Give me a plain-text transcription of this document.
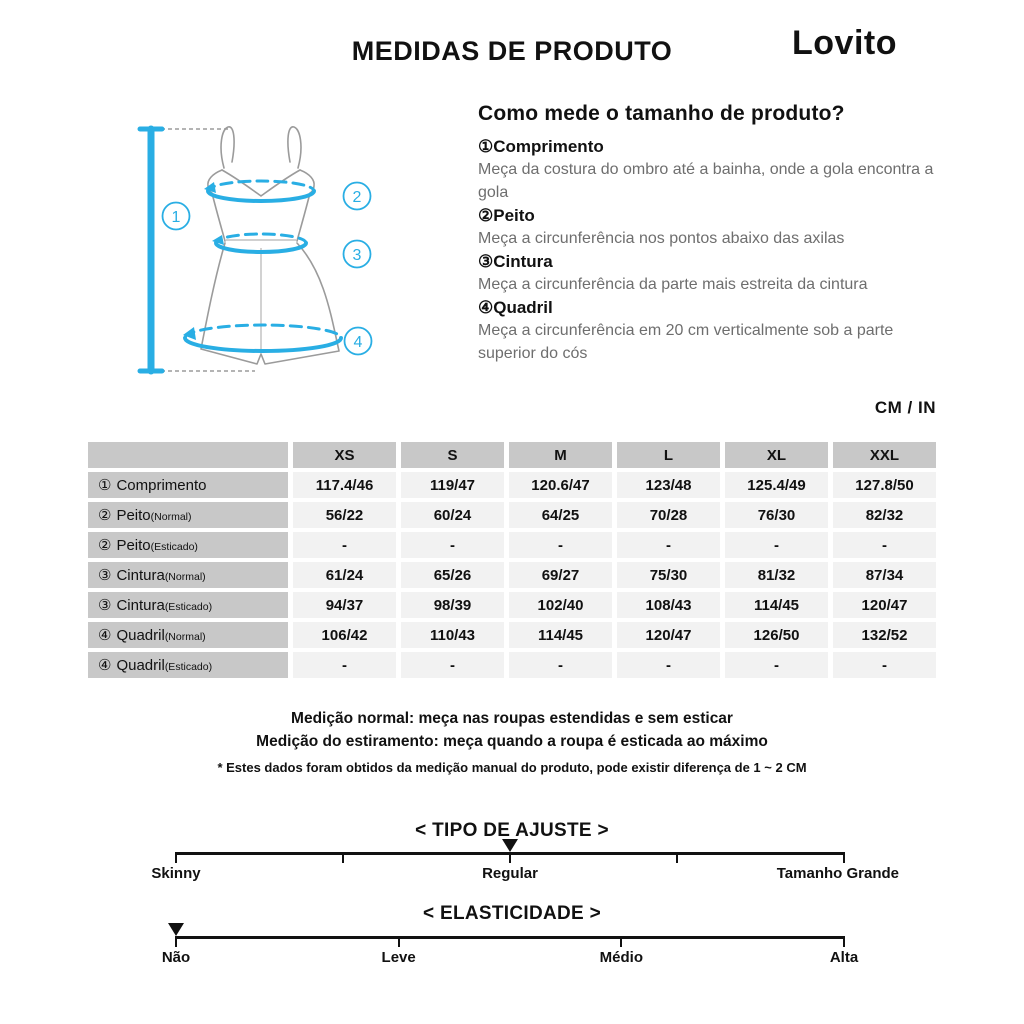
MEDIDAS DE PRODUTO	Lovito
1
2
3
4
Como mede o tamanho de produto?
①Comprimento
Meça da costura do ombro até a bainha, onde a gola encontra a gola
②Peito
Meça a circunferência nos pontos abaixo das axilas
③Cintura
Meça a circunferência da parte mais estreita da cintura
④Quadril
Meça a circunferência em 20 cm verticalmente sob a parte superior do cós
CM / IN
XS	S	M	L	XL	XXL
① Comprimento	117.4/46	119/47	120.6/47	123/48	125.4/49	127.8/50
② Peito (Normal)	56/22	60/24	64/25	70/28	76/30	82/32
② Peito (Esticado)	-	-	-	-	-	-
③ Cintura (Normal)	61/24	65/26	69/27	75/30	81/32	87/34
③ Cintura (Esticado)	94/37	98/39	102/40	108/43	114/45	120/47
④ Quadril (Normal)	106/42	110/43	114/45	120/47	126/50	132/52
④ Quadril (Esticado)	-	-	-	-	-	-
Medição normal: meça nas roupas estendidas e sem esticar
Medição do estiramento: meça quando a roupa é esticada ao máximo
* Estes dados foram obtidos da medição manual do produto, pode existir diferença de 1 ~ 2 CM
< TIPO DE AJUSTE >
Skinny	Regular	Tamanho Grande
< ELASTICIDADE >
Não	Leve	Médio	Alta
